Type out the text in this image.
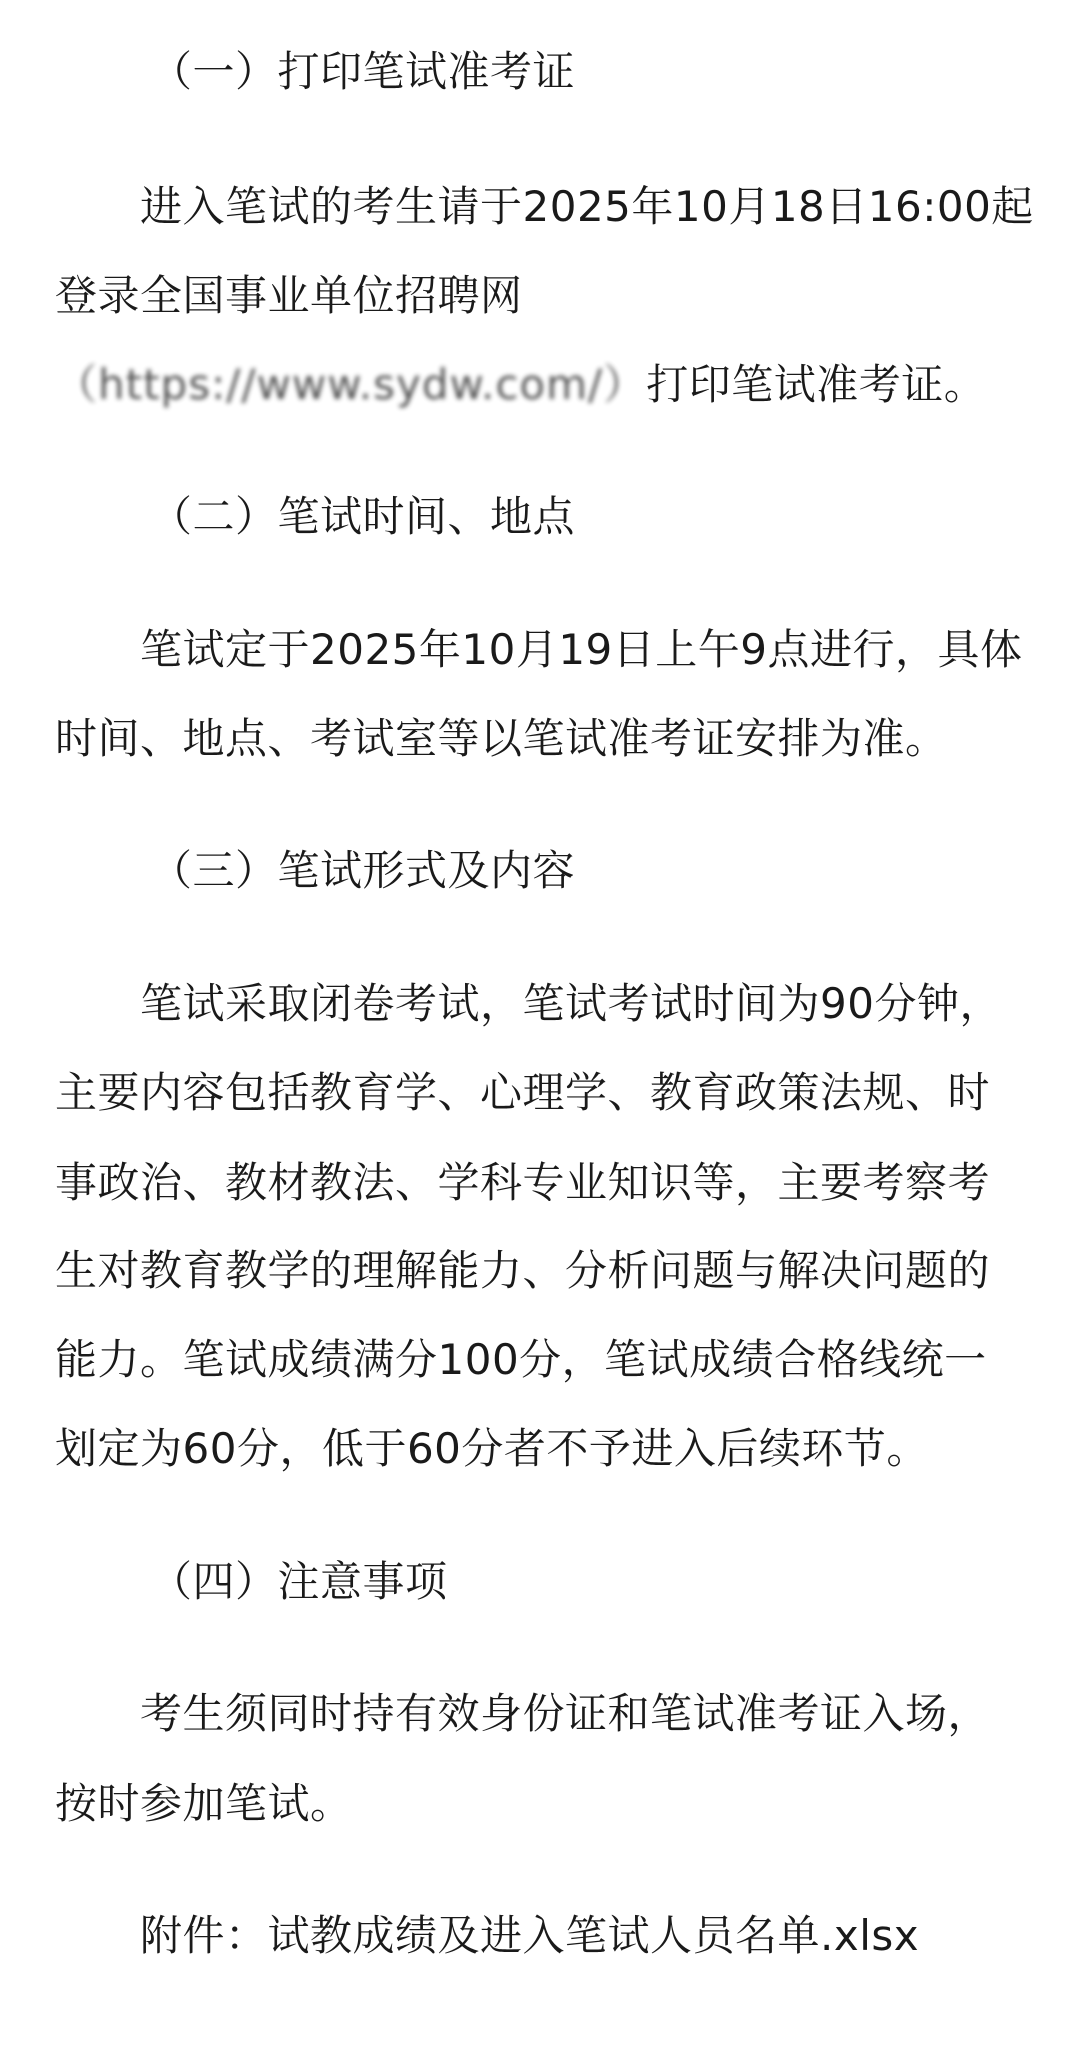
（一）打印笔试准考证
进入笔试的考生请于2025年10月18日16:00起
登录全国事业单位招聘网
（https://www.sydw.com/）打印笔试准考证。
（二）笔试时间、地点
笔试定于2025年10月19日上午9点进行，具体
时间、地点、考试室等以笔试准考证安排为准。
（三）笔试形式及内容
笔试采取闭卷考试，笔试考试时间为90分钟，
主要内容包括教育学、心理学、教育政策法规、时
事政治、教材教法、学科专业知识等，主要考察考
生对教育教学的理解能力、分析问题与解决问题的
能力。笔试成绩满分100分，笔试成绩合格线统一
划定为60分，低于60分者不予进入后续环节。
（四）注意事项
考生须同时持有效身份证和笔试准考证入场，
按时参加笔试。
附件：试教成绩及进入笔试人员名单.xlsx
